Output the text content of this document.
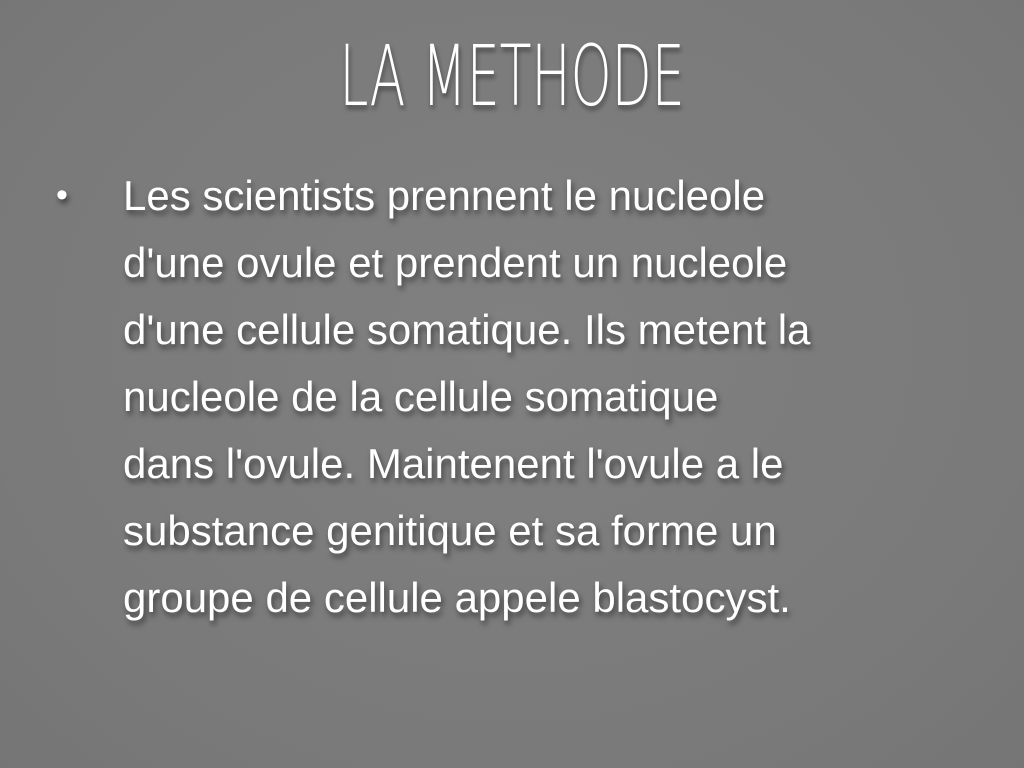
LA METHODE
• Les scientists prennent le nucleole
d'une ovule et prendent un nucleole
d'une cellule somatique. Ils metent la
nucleole de la cellule somatique
dans l'ovule. Maintenent l'ovule a le
substance genitique et sa forme un
groupe de cellule appele blastocyst.
